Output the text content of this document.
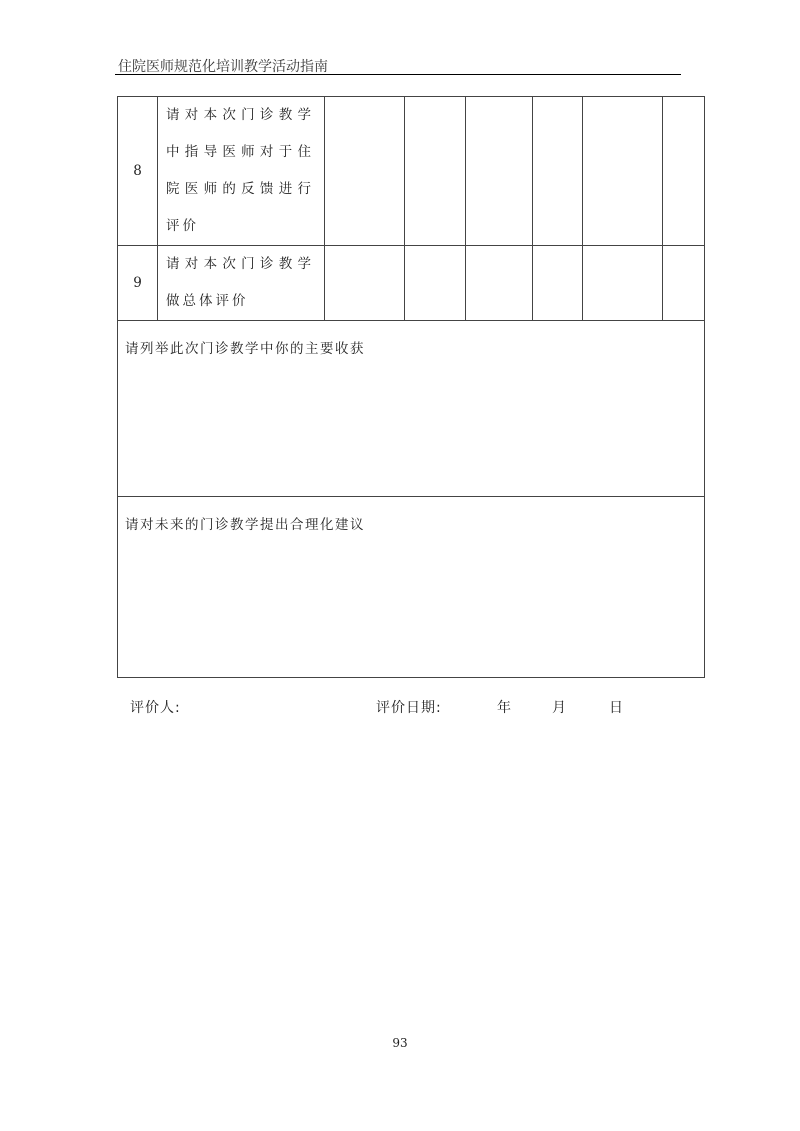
住院医师规范化培训教学活动指南
8	请对本次门诊教学中指导医师对于住院医师的反馈进行评价						
9	请对本次门诊教学做总体评价						
请列举此次门诊教学中你的主要收获							
请对未来的门诊教学提出合理化建议							
评价人:	评价日期:	年	月	日
93
